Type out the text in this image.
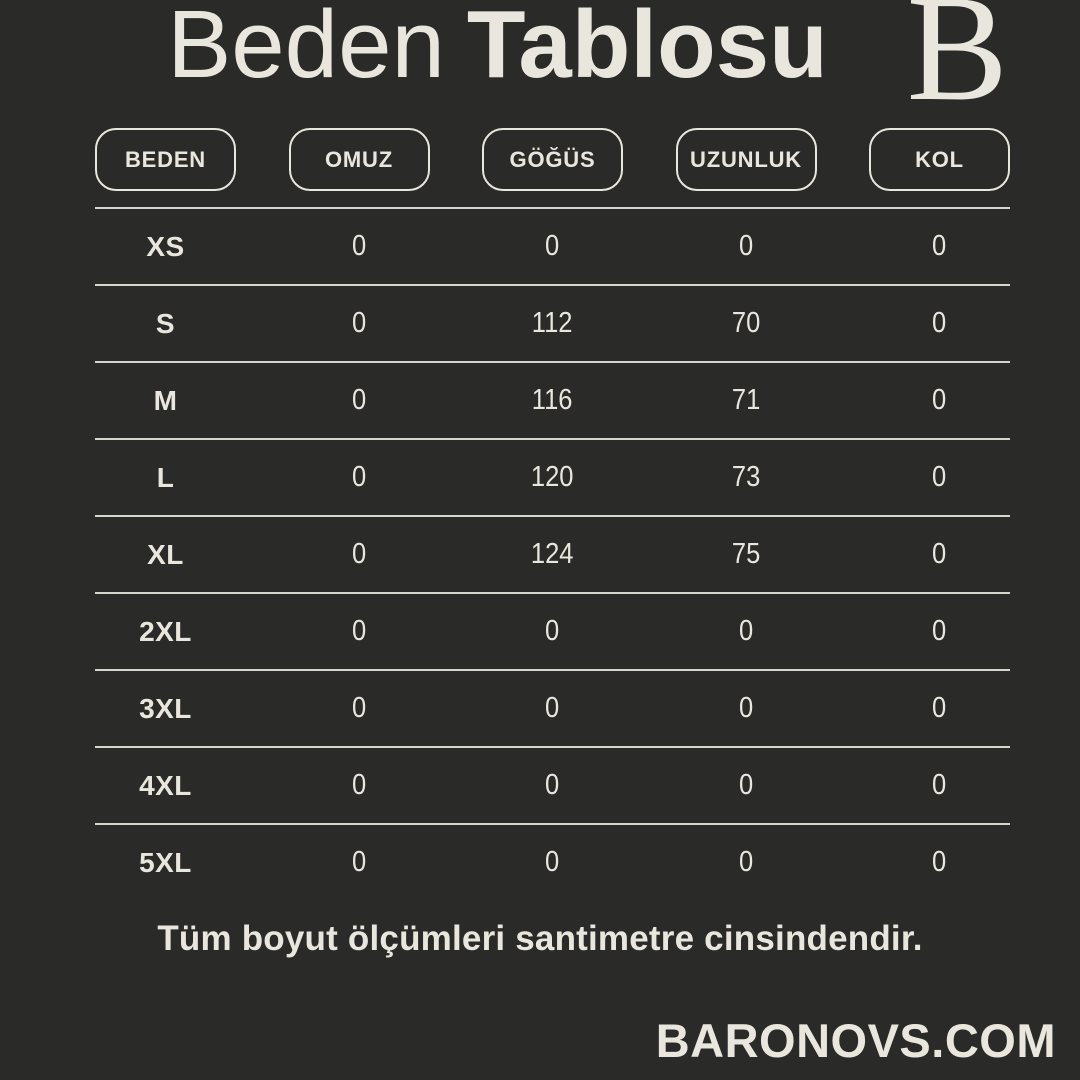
Beden Tablosu B
BEDEN	OMUZ	GÖĞÜS	UZUNLUK	KOL
XS	0	0	0	0
S	0	112	70	0
M	0	116	71	0
L	0	120	73	0
XL	0	124	75	0
2XL	0	0	0	0
3XL	0	0	0	0
4XL	0	0	0	0
5XL	0	0	0	0
Tüm boyut ölçümleri santimetre cinsindendir.
BARONOVS.COM
